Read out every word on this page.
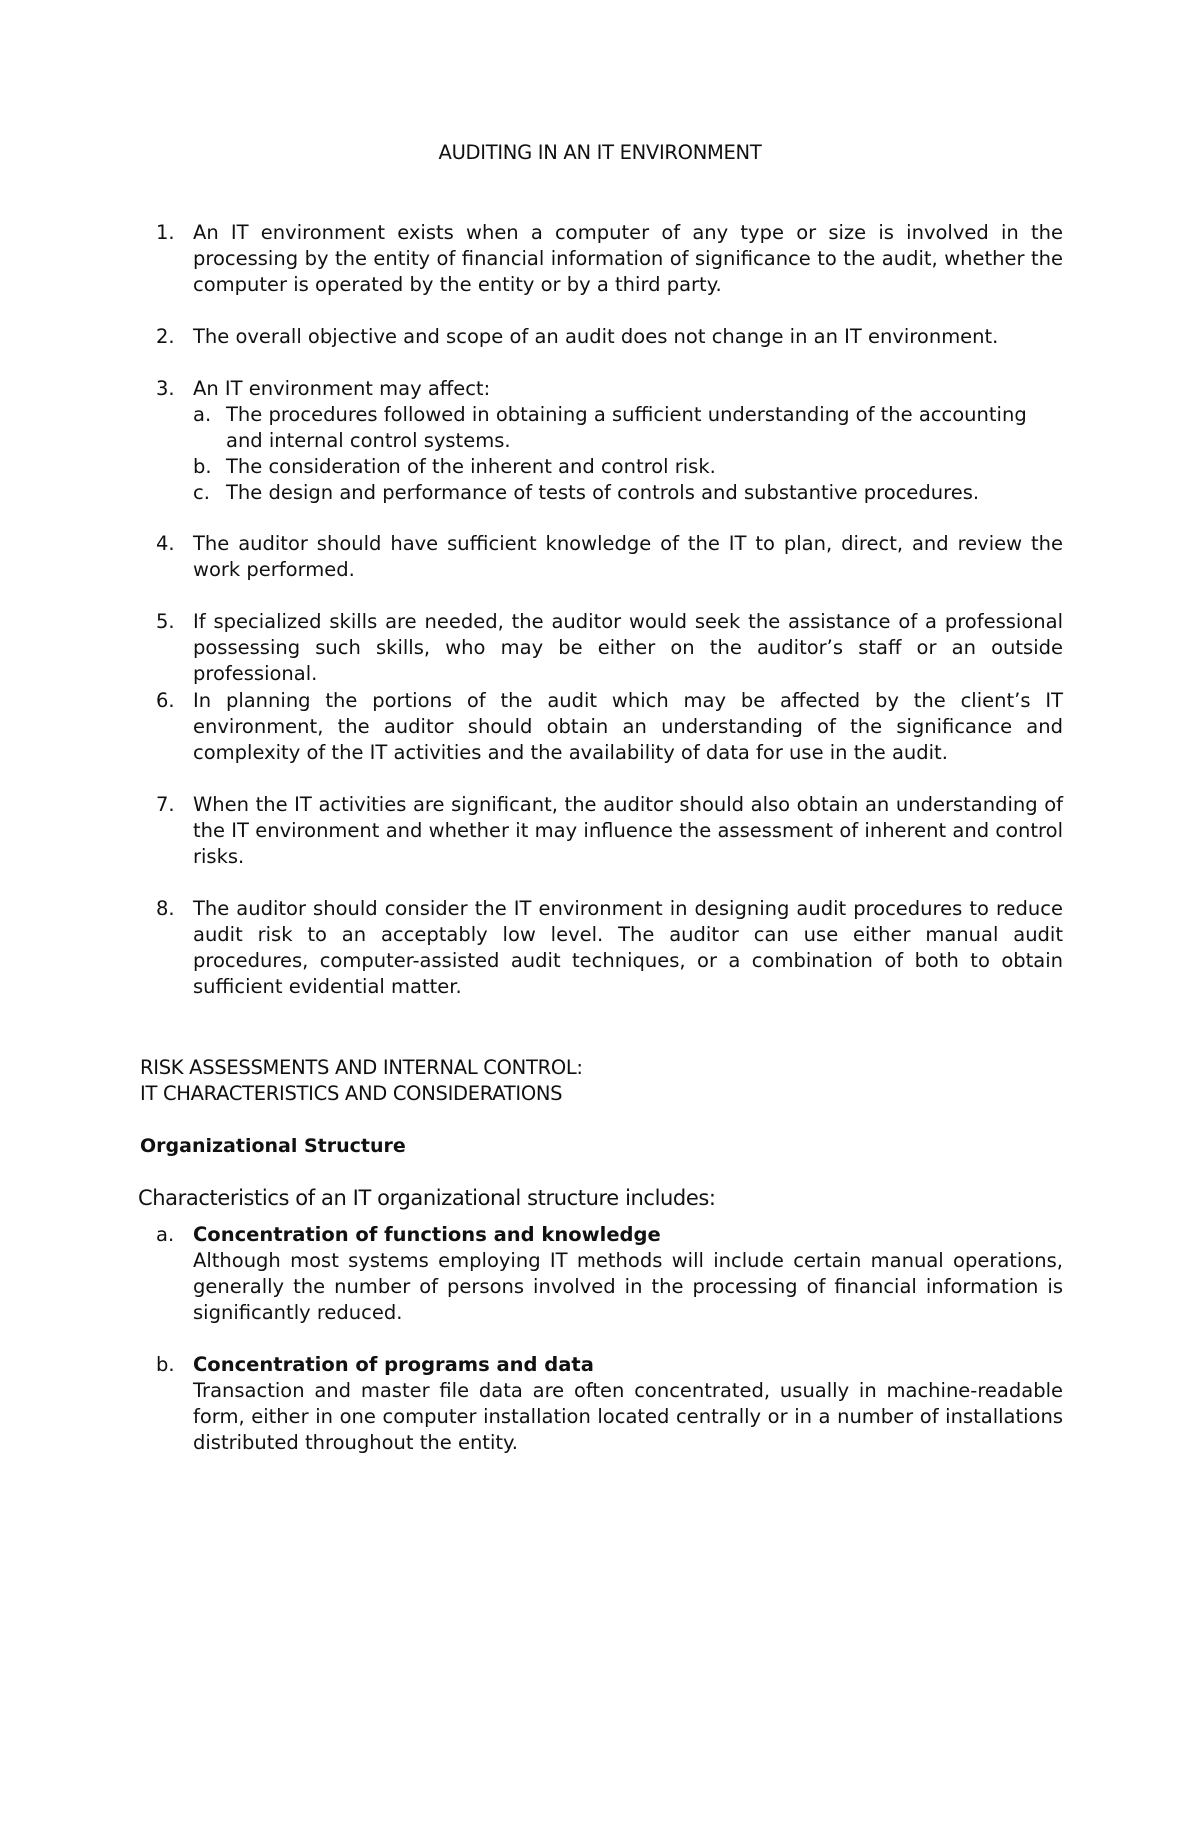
AUDITING IN AN IT ENVIRONMENT
1. An IT environment exists when a computer of any type or size is involved in the processing by the entity of financial information of significance to the audit, whether the computer is operated by the entity or by a third party.
2. The overall objective and scope of an audit does not change in an IT environment.
3. An IT environment may affect:
a. The procedures followed in obtaining a sufficient understanding of the accounting and internal control systems.
b. The consideration of the inherent and control risk.
c. The design and performance of tests of controls and substantive procedures.
4. The auditor should have sufficient knowledge of the IT to plan, direct, and review the work performed.
5. If specialized skills are needed, the auditor would seek the assistance of a professional possessing such skills, who may be either on the auditor’s staff or an outside professional.
6. In planning the portions of the audit which may be affected by the client’s IT environment, the auditor should obtain an understanding of the significance and complexity of the IT activities and the availability of data for use in the audit.
7. When the IT activities are significant, the auditor should also obtain an understanding of the IT environment and whether it may influence the assessment of inherent and control risks.
8. The auditor should consider the IT environment in designing audit procedures to reduce audit risk to an acceptably low level. The auditor can use either manual audit procedures, computer-assisted audit techniques, or a combination of both to obtain sufficient evidential matter.
RISK ASSESSMENTS AND INTERNAL CONTROL:
IT CHARACTERISTICS AND CONSIDERATIONS
Organizational Structure
Characteristics of an IT organizational structure includes:
a. Concentration of functions and knowledge
Although most systems employing IT methods will include certain manual operations, generally the number of persons involved in the processing of financial information is significantly reduced.
b. Concentration of programs and data
Transaction and master file data are often concentrated, usually in machine-readable form, either in one computer installation located centrally or in a number of installations distributed throughout the entity.
